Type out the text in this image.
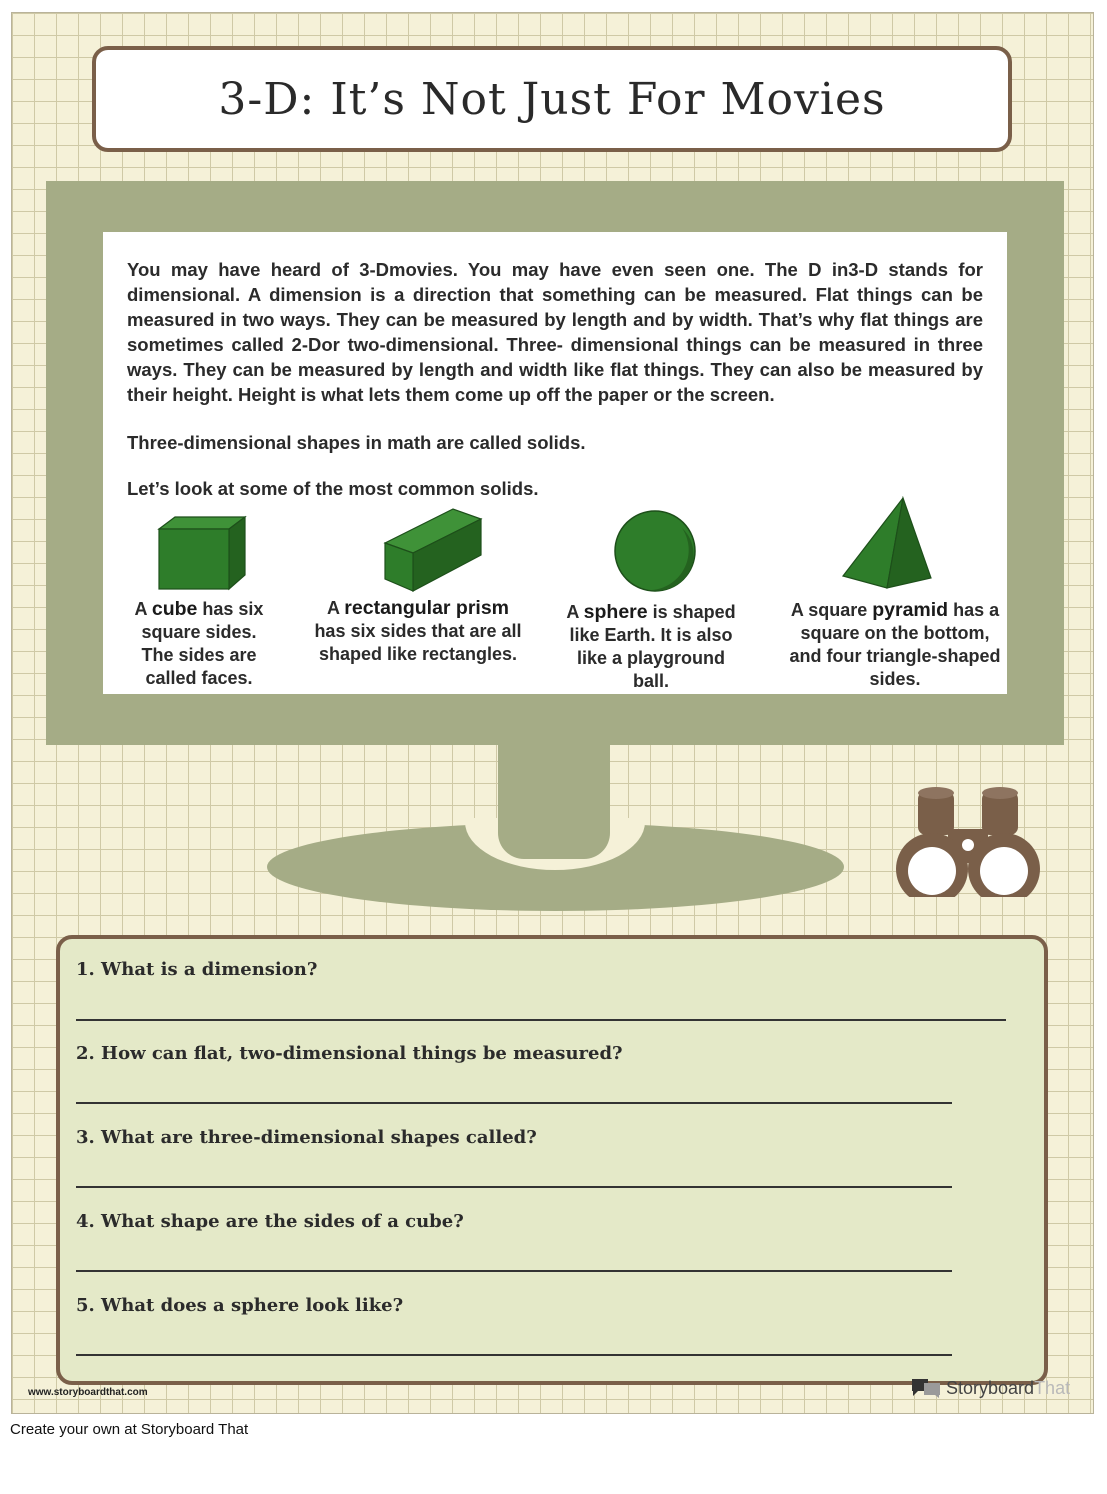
3-D: It’s Not Just For Movies

You may have heard of 3-Dmovies. You may have even seen one. The D in3-D stands for dimensional. A dimension is a direction that something can be measured. Flat things can be measured in two ways. They can be measured by length and by width. That’s why flat things are sometimes called 2-Dor two-dimensional. Three- dimensional things can be measured in three ways. They can be measured by length and width like flat things. They can also be measured by their height. Height is what lets them come up off the paper or the screen.

Three-dimensional shapes in math are called solids.

Let’s look at some of the most common solids.

A cube has six square sides. The sides are called faces.
A rectangular prism has six sides that are all shaped like rectangles.
A sphere is shaped like Earth. It is also like a playground ball.
A square pyramid has a square on the bottom, and four triangle-shaped sides.
1. What is a dimension?
2. How can flat, two-dimensional things be measured?
3. What are three-dimensional shapes called?
4. What shape are the sides of a cube?
5. What does a sphere look like?
www.storyboardthat.com	StoryboardThat
Create your own at Storyboard That
